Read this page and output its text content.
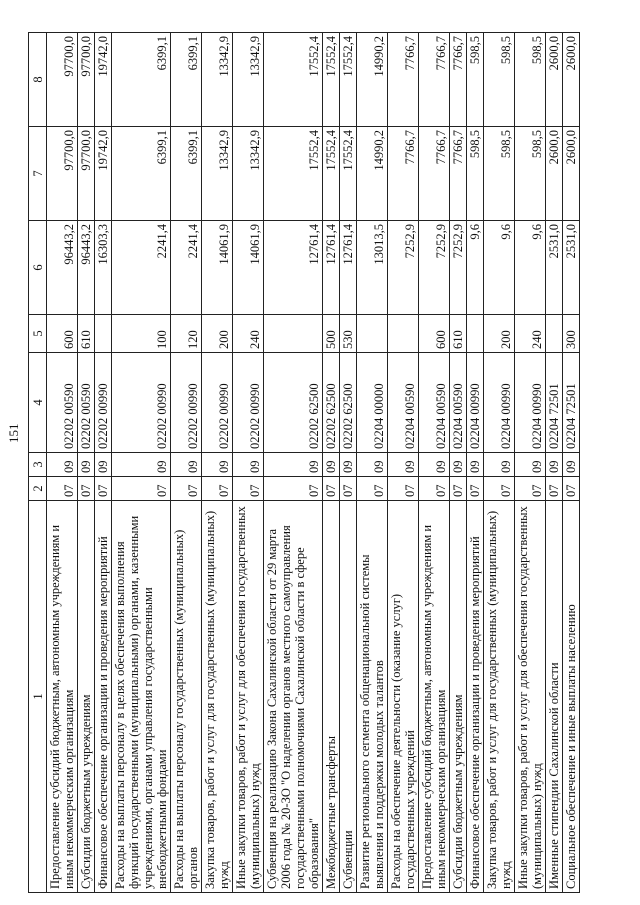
151
1	2	3	4	5	6	7	8
Предоставление субсидий бюджетным, автономным учреждениям и иным некоммерческим организациям	07	09	02202 00590	600	96443,2	97700,0	97700,0
Субсидии бюджетным учреждениям	07	09	02202 00590	610	96443,2	97700,0	97700,0
Финансовое обеспечение организации и проведения мероприятий	07	09	02202 00990		16303,3	19742,0	19742,0
Расходы на выплаты персоналу в целях обеспечения выполнения функций государственными (муниципальными) органами, казенными учреждениями, органами управления государственными внебюджетными фондами	07	09	02202 00990	100	2241,4	6399,1	6399,1
Расходы на выплаты персоналу государственных (муниципальных) органов	07	09	02202 00990	120	2241,4	6399,1	6399,1
Закупка товаров, работ и услуг для государственных (муниципальных) нужд	07	09	02202 00990	200	14061,9	13342,9	13342,9
Иные закупки товаров, работ и услуг для обеспечения государственных (муниципальных) нужд	07	09	02202 00990	240	14061,9	13342,9	13342,9
Субвенция на реализацию Закона Сахалинской области от 29 марта 2006 года № 20-ЗО "О наделении органов местного самоуправления государственными полномочиями Сахалинской области в сфере образования"	07	09	02202 62500		12761,4	17552,4	17552,4
Межбюджетные трансферты	07	09	02202 62500	500	12761,4	17552,4	17552,4
Субвенции	07	09	02202 62500	530	12761,4	17552,4	17552,4
Развитие регионального сегмента общенациональной системы выявления и поддержки молодых талантов	07	09	02204 00000		13013,5	14990,2	14990,2
Расходы на обеспечение деятельности (оказание услуг) государственных учреждений	07	09	02204 00590		7252,9	7766,7	7766,7
Предоставление субсидий бюджетным, автономным учреждениям и иным некоммерческим организациям	07	09	02204 00590	600	7252,9	7766,7	7766,7
Субсидии бюджетным учреждениям	07	09	02204 00590	610	7252,9	7766,7	7766,7
Финансовое обеспечение организации и проведения мероприятий	07	09	02204 00990		9,6	598,5	598,5
Закупка товаров, работ и услуг для государственных (муниципальных) нужд	07	09	02204 00990	200	9,6	598,5	598,5
Иные закупки товаров, работ и услуг для обеспечения государственных (муниципальных) нужд	07	09	02204 00990	240	9,6	598,5	598,5
Именные стипендии Сахалинской области	07	09	02204 72501		2531,0	2600,0	2600,0
Социальное обеспечение и иные выплаты населению	07	09	02204 72501	300	2531,0	2600,0	2600,0
